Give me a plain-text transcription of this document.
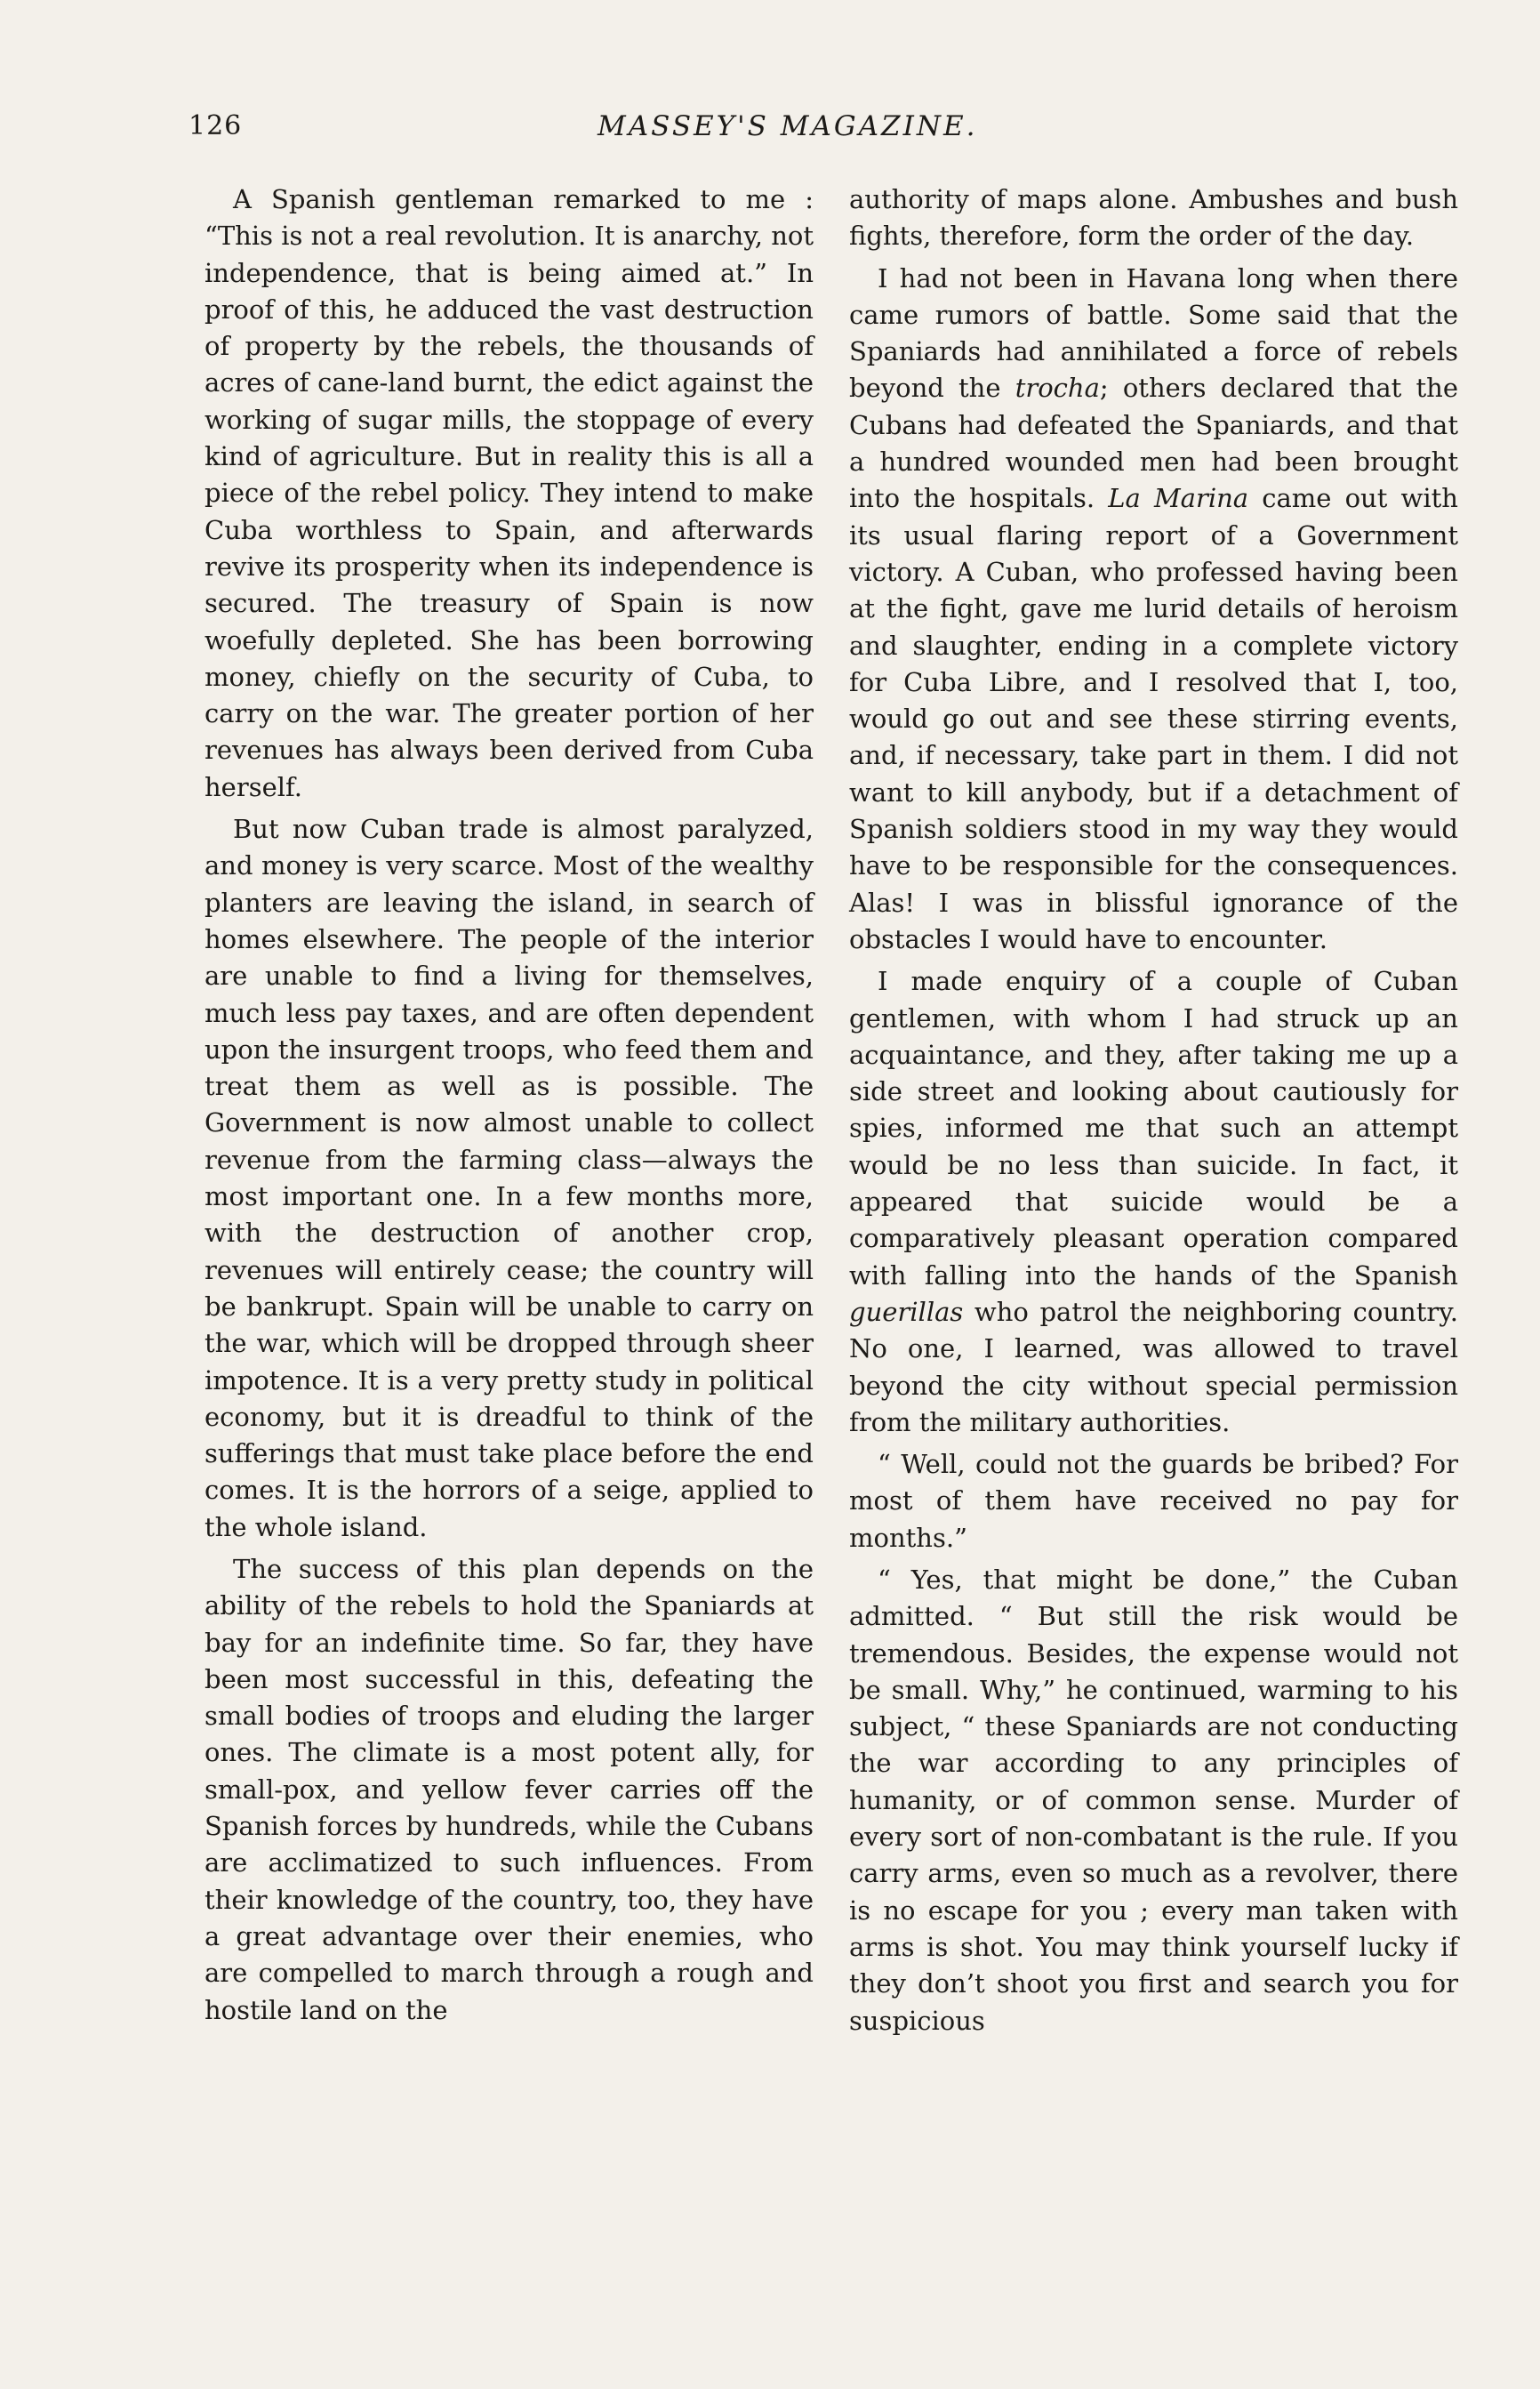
126	MASSEY'S MAGAZINE.

A Spanish gentleman remarked to me : “This is not a real revolution. It is anarchy, not independence, that is being aimed at.” In proof of this, he adduced the vast destruction of property by the rebels, the thousands of acres of cane-land burnt, the edict against the working of sugar mills, the stoppage of every kind of agriculture. But in reality this is all a piece of the rebel policy. They intend to make Cuba worthless to Spain, and afterwards revive its prosperity when its independence is secured. The treasury of Spain is now woefully depleted. She has been borrowing money, chiefly on the security of Cuba, to carry on the war. The greater portion of her revenues has always been derived from Cuba herself.

But now Cuban trade is almost paralyzed, and money is very scarce. Most of the wealthy planters are leaving the island, in search of homes elsewhere. The people of the interior are unable to find a living for themselves, much less pay taxes, and are often dependent upon the insurgent troops, who feed them and treat them as well as is possible. The Government is now almost unable to collect revenue from the farming class—always the most important one. In a few months more, with the destruction of another crop, revenues will entirely cease; the country will be bankrupt. Spain will be unable to carry on the war, which will be dropped through sheer impotence. It is a very pretty study in political economy, but it is dreadful to think of the sufferings that must take place before the end comes. It is the horrors of a seige, applied to the whole island.

The success of this plan depends on the ability of the rebels to hold the Spaniards at bay for an indefinite time. So far, they have been most successful in this, defeating the small bodies of troops and eluding the larger ones. The climate is a most potent ally, for small-pox, and yellow fever carries off the Spanish forces by hundreds, while the Cubans are acclimatized to such influences. From their knowledge of the country, too, they have a great advantage over their enemies, who are compelled to march through a rough and hostile land on the

authority of maps alone. Ambushes and bush fights, therefore, form the order of the day.

I had not been in Havana long when there came rumors of battle. Some said that the Spaniards had annihilated a force of rebels beyond the trocha; others declared that the Cubans had defeated the Spaniards, and that a hundred wounded men had been brought into the hospitals. La Marina came out with its usual flaring report of a Government victory. A Cuban, who professed having been at the fight, gave me lurid details of heroism and slaughter, ending in a complete victory for Cuba Libre, and I resolved that I, too, would go out and see these stirring events, and, if necessary, take part in them. I did not want to kill anybody, but if a detachment of Spanish soldiers stood in my way they would have to be responsible for the consequences. Alas! I was in blissful ignorance of the obstacles I would have to encounter.

I made enquiry of a couple of Cuban gentlemen, with whom I had struck up an acquaintance, and they, after taking me up a side street and looking about cautiously for spies, informed me that such an attempt would be no less than suicide. In fact, it appeared that suicide would be a comparatively pleasant operation compared with falling into the hands of the Spanish guerillas who patrol the neighboring country. No one, I learned, was allowed to travel beyond the city without special permission from the military authorities.

“ Well, could not the guards be bribed? For most of them have received no pay for months.”

“ Yes, that might be done,” the Cuban admitted. “ But still the risk would be tremendous. Besides, the expense would not be small. Why,” he continued, warming to his subject, “ these Spaniards are not conducting the war according to any principles of humanity, or of common sense. Murder of every sort of non-combatant is the rule. If you carry arms, even so much as a revolver, there is no escape for you ; every man taken with arms is shot. You may think yourself lucky if they don’t shoot you first and search you for suspicious
